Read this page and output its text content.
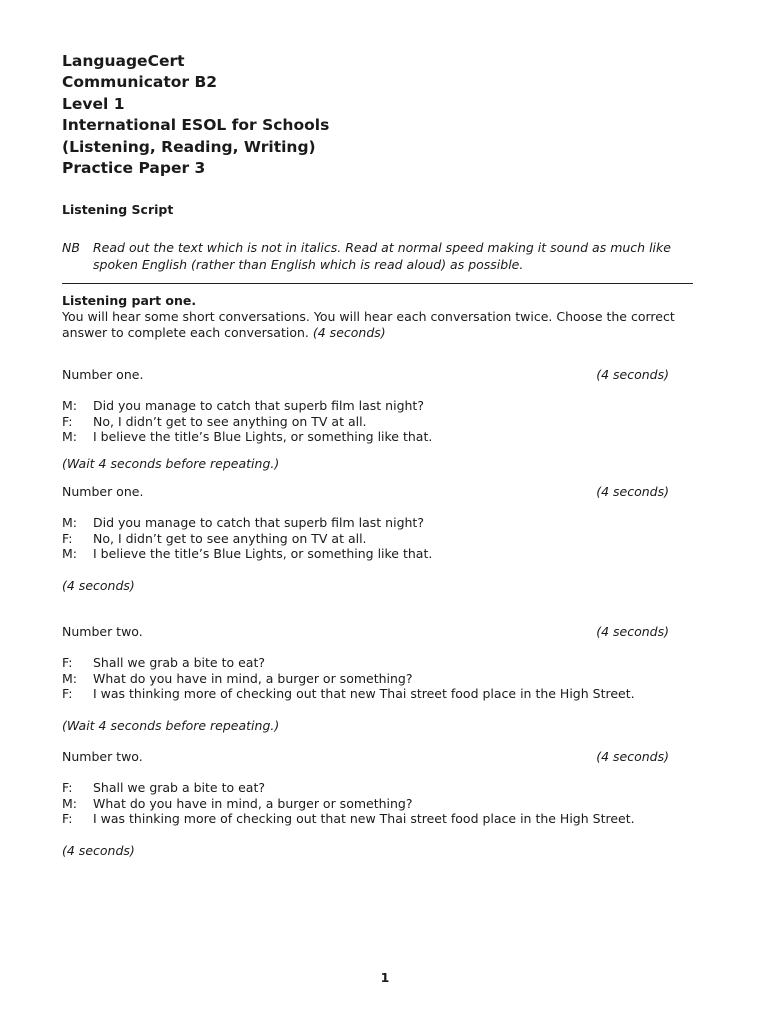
LanguageCert
Communicator B2
Level 1
International ESOL for Schools
(Listening, Reading, Writing)
Practice Paper 3
Listening Script
NB Read out the text which is not in italics. Read at normal speed making it sound as much like spoken English (rather than English which is read aloud) as possible.
Listening part one.
You will hear some short conversations. You will hear each conversation twice. Choose the correct answer to complete each conversation. (4 seconds)
Number one.	(4 seconds)
M: Did you manage to catch that superb film last night?
F: No, I didn’t get to see anything on TV at all.
M: I believe the title’s Blue Lights, or something like that.
(Wait 4 seconds before repeating.)
Number one.	(4 seconds)
M: Did you manage to catch that superb film last night?
F: No, I didn’t get to see anything on TV at all.
M: I believe the title’s Blue Lights, or something like that.
(4 seconds)
Number two.	(4 seconds)
F: Shall we grab a bite to eat?
M: What do you have in mind, a burger or something?
F: I was thinking more of checking out that new Thai street food place in the High Street.
(Wait 4 seconds before repeating.)
Number two.	(4 seconds)
F: Shall we grab a bite to eat?
M: What do you have in mind, a burger or something?
F: I was thinking more of checking out that new Thai street food place in the High Street.
(4 seconds)
1
